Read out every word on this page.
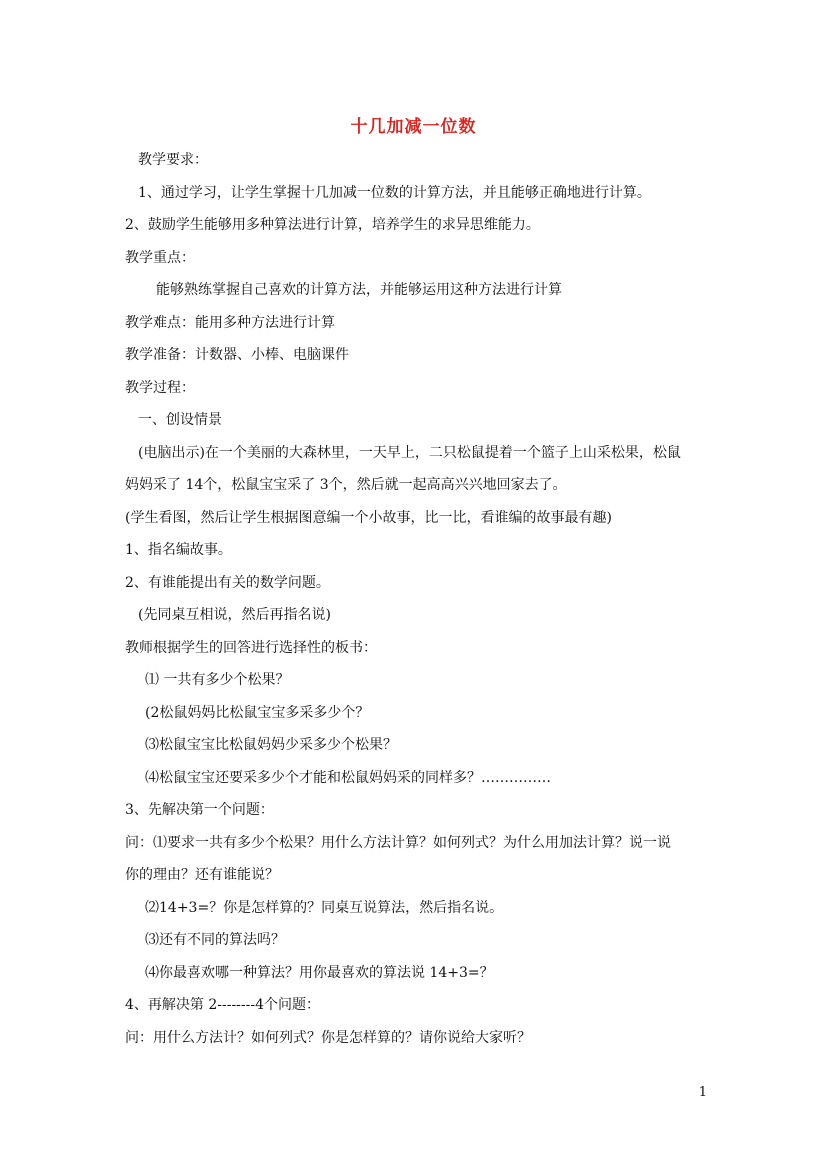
十几加减一位数
教学要求：
1、通过学习，让学生掌握十几加减一位数的计算方法，并且能够正确地进行计算。
2、鼓励学生能够用多种算法进行计算，培养学生的求异思维能力。
教学重点：
能够熟练掌握自己喜欢的计算方法，并能够运用这种方法进行计算
教学难点：能用多种方法进行计算
教学准备：计数器、小棒、电脑课件
教学过程：
一、创设情景
(电脑出示)在一个美丽的大森林里，一天早上，二只松鼠提着一个篮子上山采松果，松鼠
妈妈采了 14个，松鼠宝宝采了 3个，然后就一起高高兴兴地回家去了。
(学生看图，然后让学生根据图意编一个小故事，比一比，看谁编的故事最有趣)
1、指名编故事。
2、有谁能提出有关的数学问题。
(先同桌互相说，然后再指名说)
教师根据学生的回答进行选择性的板书：
⑴ 一共有多少个松果？
(2松鼠妈妈比松鼠宝宝多采多少个？
⑶松鼠宝宝比松鼠妈妈少采多少个松果？
⑷松鼠宝宝还要采多少个才能和松鼠妈妈采的同样多？……………
3、先解决第一个问题：
问：⑴要求一共有多少个松果？用什么方法计算？如何列式？为什么用加法计算？说一说
你的理由？还有谁能说？
⑵14+3=？你是怎样算的？同桌互说算法，然后指名说。
⑶还有不同的算法吗？
⑷你最喜欢哪一种算法？用你最喜欢的算法说 14+3=？
4、再解决第 2--------4个问题：
问：用什么方法计？如何列式？你是怎样算的？请你说给大家听？
1
